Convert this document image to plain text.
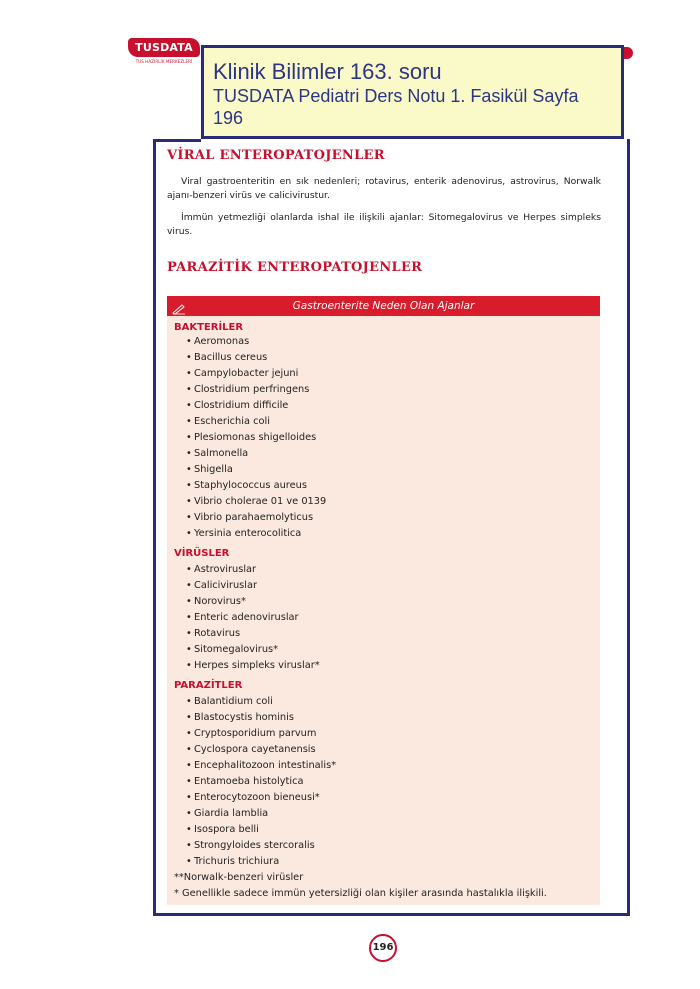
TUSDATA
TUS HAZIRLIK MERKEZLERİ Klinik Bilimler 163. soru
TUSDATA Pediatri Ders Notu 1. Fasikül Sayfa
196
VİRAL ENTEROPATOJENLER
Viral gastroenteritin en sık nedenleri; rotavirus, enterik adenovirus, astrovirus, Norwalk ajanı-benzeri virüs ve calicivirustur.
İmmün yetmezliği olanlarda ishal ile ilişkili ajanlar: Sitomegalovirus ve Herpes simpleks virus.
PARAZİTİK ENTEROPATOJENLER
Gastroenterite Neden Olan Ajanlar
BAKTERİLER
• Aeromonas
• Bacillus cereus
• Campylobacter jejuni
• Clostridium perfringens
• Clostridium difficile
• Escherichia coli
• Plesiomonas shigelloides
• Salmonella
• Shigella
• Staphylococcus aureus
• Vibrio cholerae 01 ve 0139
• Vibrio parahaemolyticus
• Yersinia enterocolitica
VİRÜSLER
• Astroviruslar
• Caliciviruslar
• Norovirus*
• Enteric adenoviruslar
• Rotavirus
• Sitomegalovirus*
• Herpes simpleks viruslar*
PARAZİTLER
• Balantidium coli
• Blastocystis hominis
• Cryptosporidium parvum
• Cyclospora cayetanensis
• Encephalitozoon intestinalis*
• Entamoeba histolytica
• Enterocytozoon bieneusi*
• Giardia lamblia
• Isospora belli
• Strongyloides stercoralis
• Trichuris trichiura
**Norwalk-benzeri virüsler
* Genellikle sadece immün yetersizliği olan kişiler arasında hastalıkla ilişkili.
196
